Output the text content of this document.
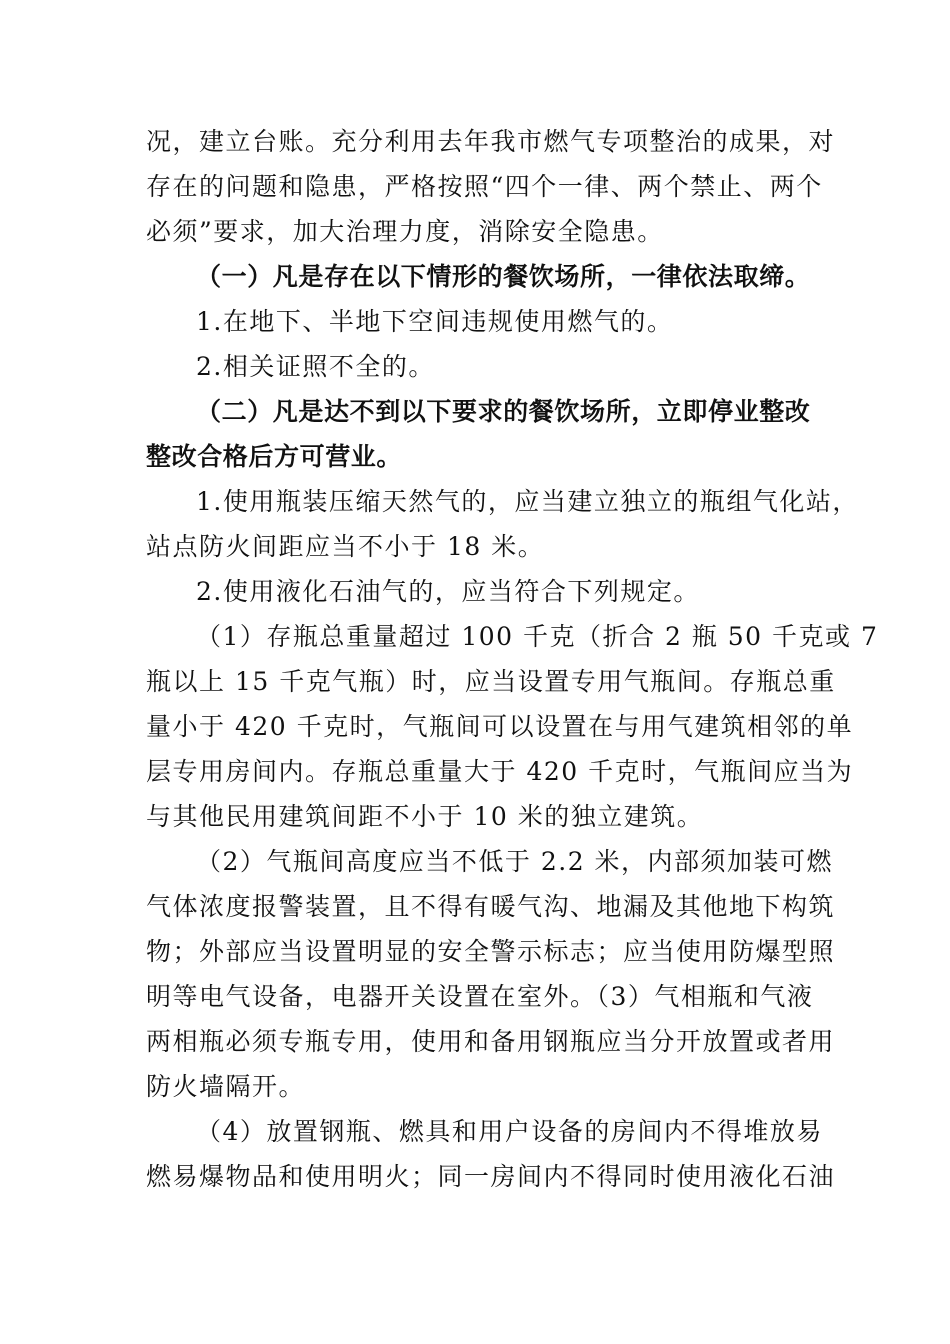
况，建立台账。充分利用去年我市燃气专项整治的成果，对
存在的问题和隐患，严格按照“四个一律、两个禁止、两个
必须”要求，加大治理力度，消除安全隐患。
（一）凡是存在以下情形的餐饮场所，一律依法取缔。
1.在地下、半地下空间违规使用燃气的。
2.相关证照不全的。
（二）凡是达不到以下要求的餐饮场所，立即停业整改
整改合格后方可营业。
1.使用瓶装压缩天然气的，应当建立独立的瓶组气化站，
站点防火间距应当不小于 18 米。
2.使用液化石油气的，应当符合下列规定。
（1）存瓶总重量超过 100 千克（折合 2 瓶 50 千克或 7
瓶以上 15 千克气瓶）时，应当设置专用气瓶间。存瓶总重
量小于 420 千克时，气瓶间可以设置在与用气建筑相邻的单
层专用房间内。存瓶总重量大于 420 千克时，气瓶间应当为
与其他民用建筑间距不小于 10 米的独立建筑。
（2）气瓶间高度应当不低于 2.2 米，内部须加装可燃
气体浓度报警装置，且不得有暖气沟、地漏及其他地下构筑
物；外部应当设置明显的安全警示标志；应当使用防爆型照
明等电气设备，电器开关设置在室外。（3）气相瓶和气液
两相瓶必须专瓶专用，使用和备用钢瓶应当分开放置或者用
防火墙隔开。
（4）放置钢瓶、燃具和用户设备的房间内不得堆放易
燃易爆物品和使用明火；同一房间内不得同时使用液化石油
